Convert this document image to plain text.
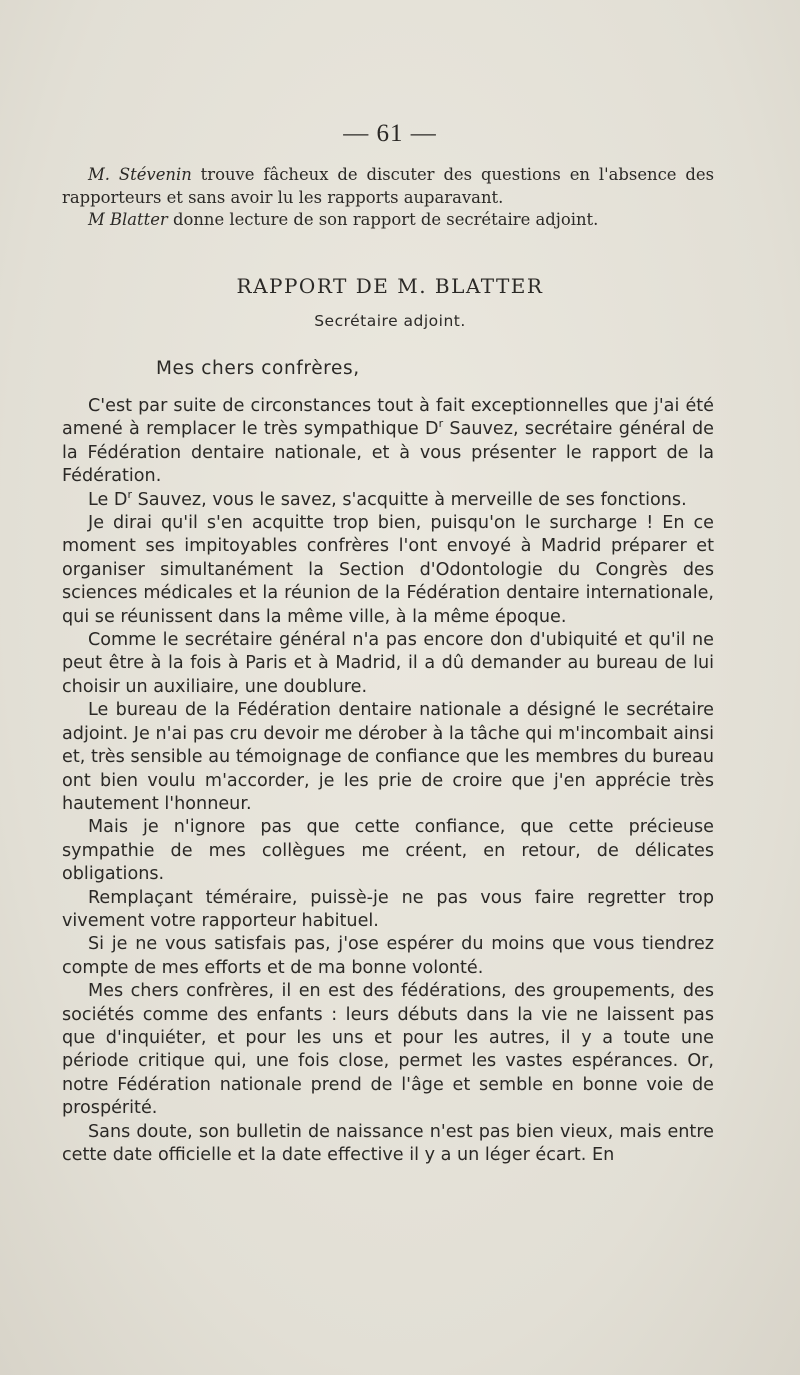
— 61 —

M. Stévenin trouve fâcheux de discuter des questions en l'absence des rapporteurs et sans avoir lu les rapports auparavant.

M Blatter donne lecture de son rapport de secrétaire adjoint.

RAPPORT DE M. BLATTER
Secrétaire adjoint.
Mes chers confrères,

C'est par suite de circonstances tout à fait exceptionnelles que j'ai été amené à remplacer le très sympathique $D^r$ Sauvez, secrétaire général de la Fédération dentaire nationale, et à vous présenter le rapport de la Fédération.

Le $D^r$ Sauvez, vous le savez, s'acquitte à merveille de ses fonctions.

Je dirai qu'il s'en acquitte trop bien, puisqu'on le surcharge ! En ce moment ses impitoyables confrères l'ont envoyé à Madrid préparer et organiser simultanément la Section d'Odontologie du Congrès des sciences médicales et la réunion de la Fédération dentaire internationale, qui se réunissent dans la même ville, à la même époque.

Comme le secrétaire général n'a pas encore don d'ubiquité et qu'il ne peut être à la fois à Paris et à Madrid, il a dû demander au bureau de lui choisir un auxiliaire, une doublure.

Le bureau de la Fédération dentaire nationale a désigné le secrétaire adjoint. Je n'ai pas cru devoir me dérober à la tâche qui m'incombait ainsi et, très sensible au témoignage de confiance que les membres du bureau ont bien voulu m'accorder, je les prie de croire que j'en apprécie très hautement l'honneur.

Mais je n'ignore pas que cette confiance, que cette précieuse sympathie de mes collègues me créent, en retour, de délicates obligations.

Remplaçant téméraire, puissè-je ne pas vous faire regretter trop vivement votre rapporteur habituel.

Si je ne vous satisfais pas, j'ose espérer du moins que vous tiendrez compte de mes efforts et de ma bonne volonté.

Mes chers confrères, il en est des fédérations, des groupements, des sociétés comme des enfants : leurs débuts dans la vie ne laissent pas que d'inquiéter, et pour les uns et pour les autres, il y a toute une période critique qui, une fois close, permet les vastes espérances. Or, notre Fédération nationale prend de l'âge et semble en bonne voie de prospérité.

Sans doute, son bulletin de naissance n'est pas bien vieux, mais entre cette date officielle et la date effective il y a un léger écart. En
